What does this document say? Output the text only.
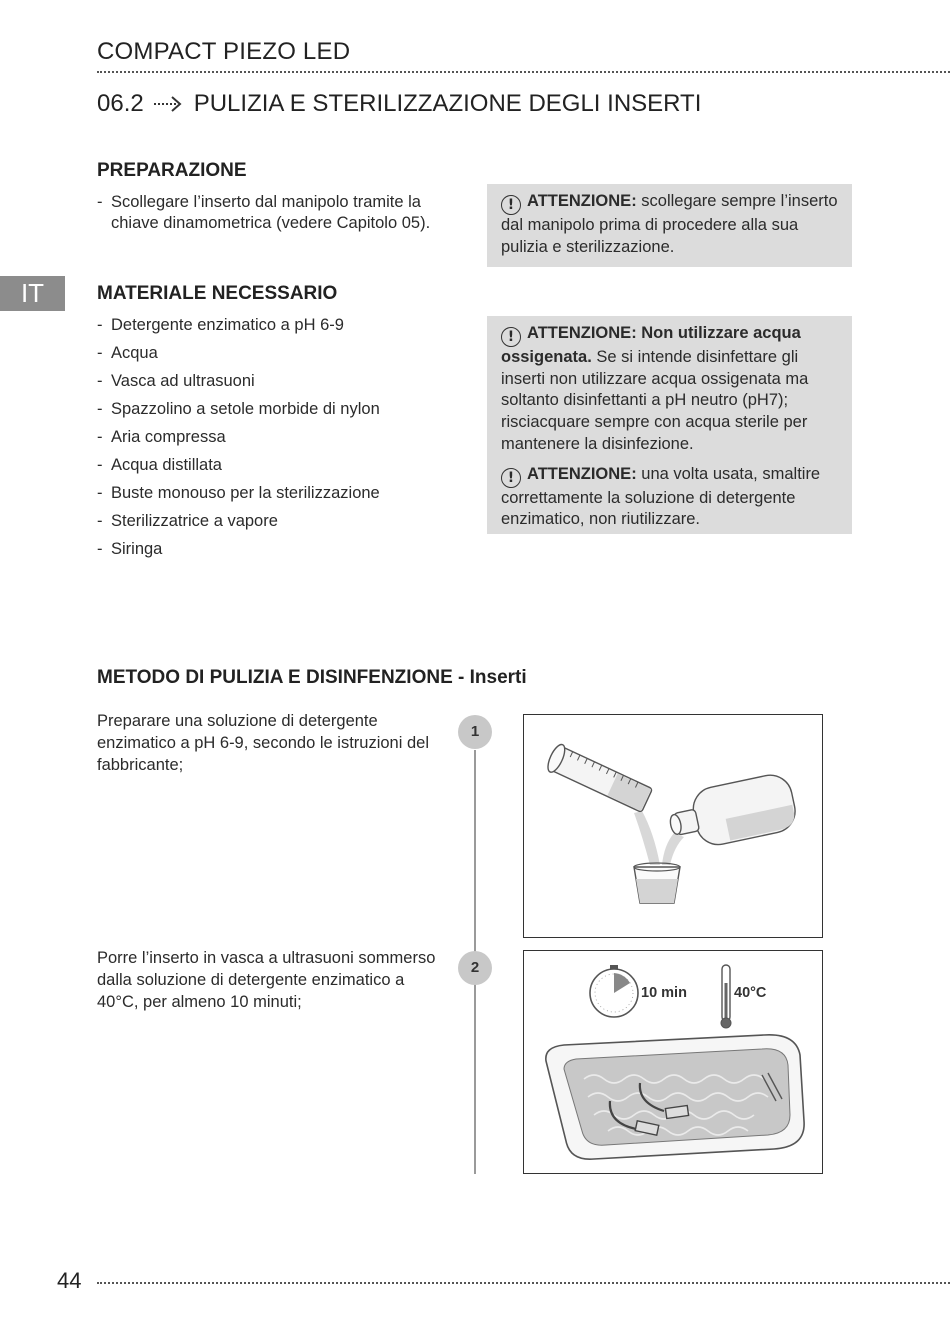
COMPACT PIEZO LED
06.2 PULIZIA E STERILIZZAZIONE DEGLI INSERTI
IT
PREPARAZIONE
- Scollegare l’inserto dal manipolo tramite la chiave dinamometrica (vedere Capitolo 05).

! ATTENZIONE: scollegare sempre l’inserto dal manipolo prima di procedere alla sua pulizia e sterilizzazione.

MATERIALE NECESSARIO
- Detergente enzimatico a pH 6-9
- Acqua
- Vasca ad ultrasuoni
- Spazzolino a setole morbide di nylon
- Aria compressa
- Acqua distillata
- Buste monouso per la sterilizzazione
- Sterilizzatrice a vapore
- Siringa

! ATTENZIONE: Non utilizzare acqua ossigenata. Se si intende disinfettare gli inserti non utilizzare acqua ossigenata ma soltanto disinfettanti a pH neutro (pH7); risciacquare sempre con acqua sterile per mantenere la disinfezione.

! ATTENZIONE: una volta usata, smaltire correttamente la soluzione di detergente enzimatico, non riutilizzare.

METODO DI PULIZIA E DISINFENZIONE - Inserti
Preparare una soluzione di detergente enzimatico a pH 6-9, secondo le istruzioni del fabbricante;
1
Porre l’inserto in vasca a ultrasuoni sommerso dalla soluzione di detergente enzimatico a 40°C, per almeno 10 minuti;
2
10 min	40°C
44
